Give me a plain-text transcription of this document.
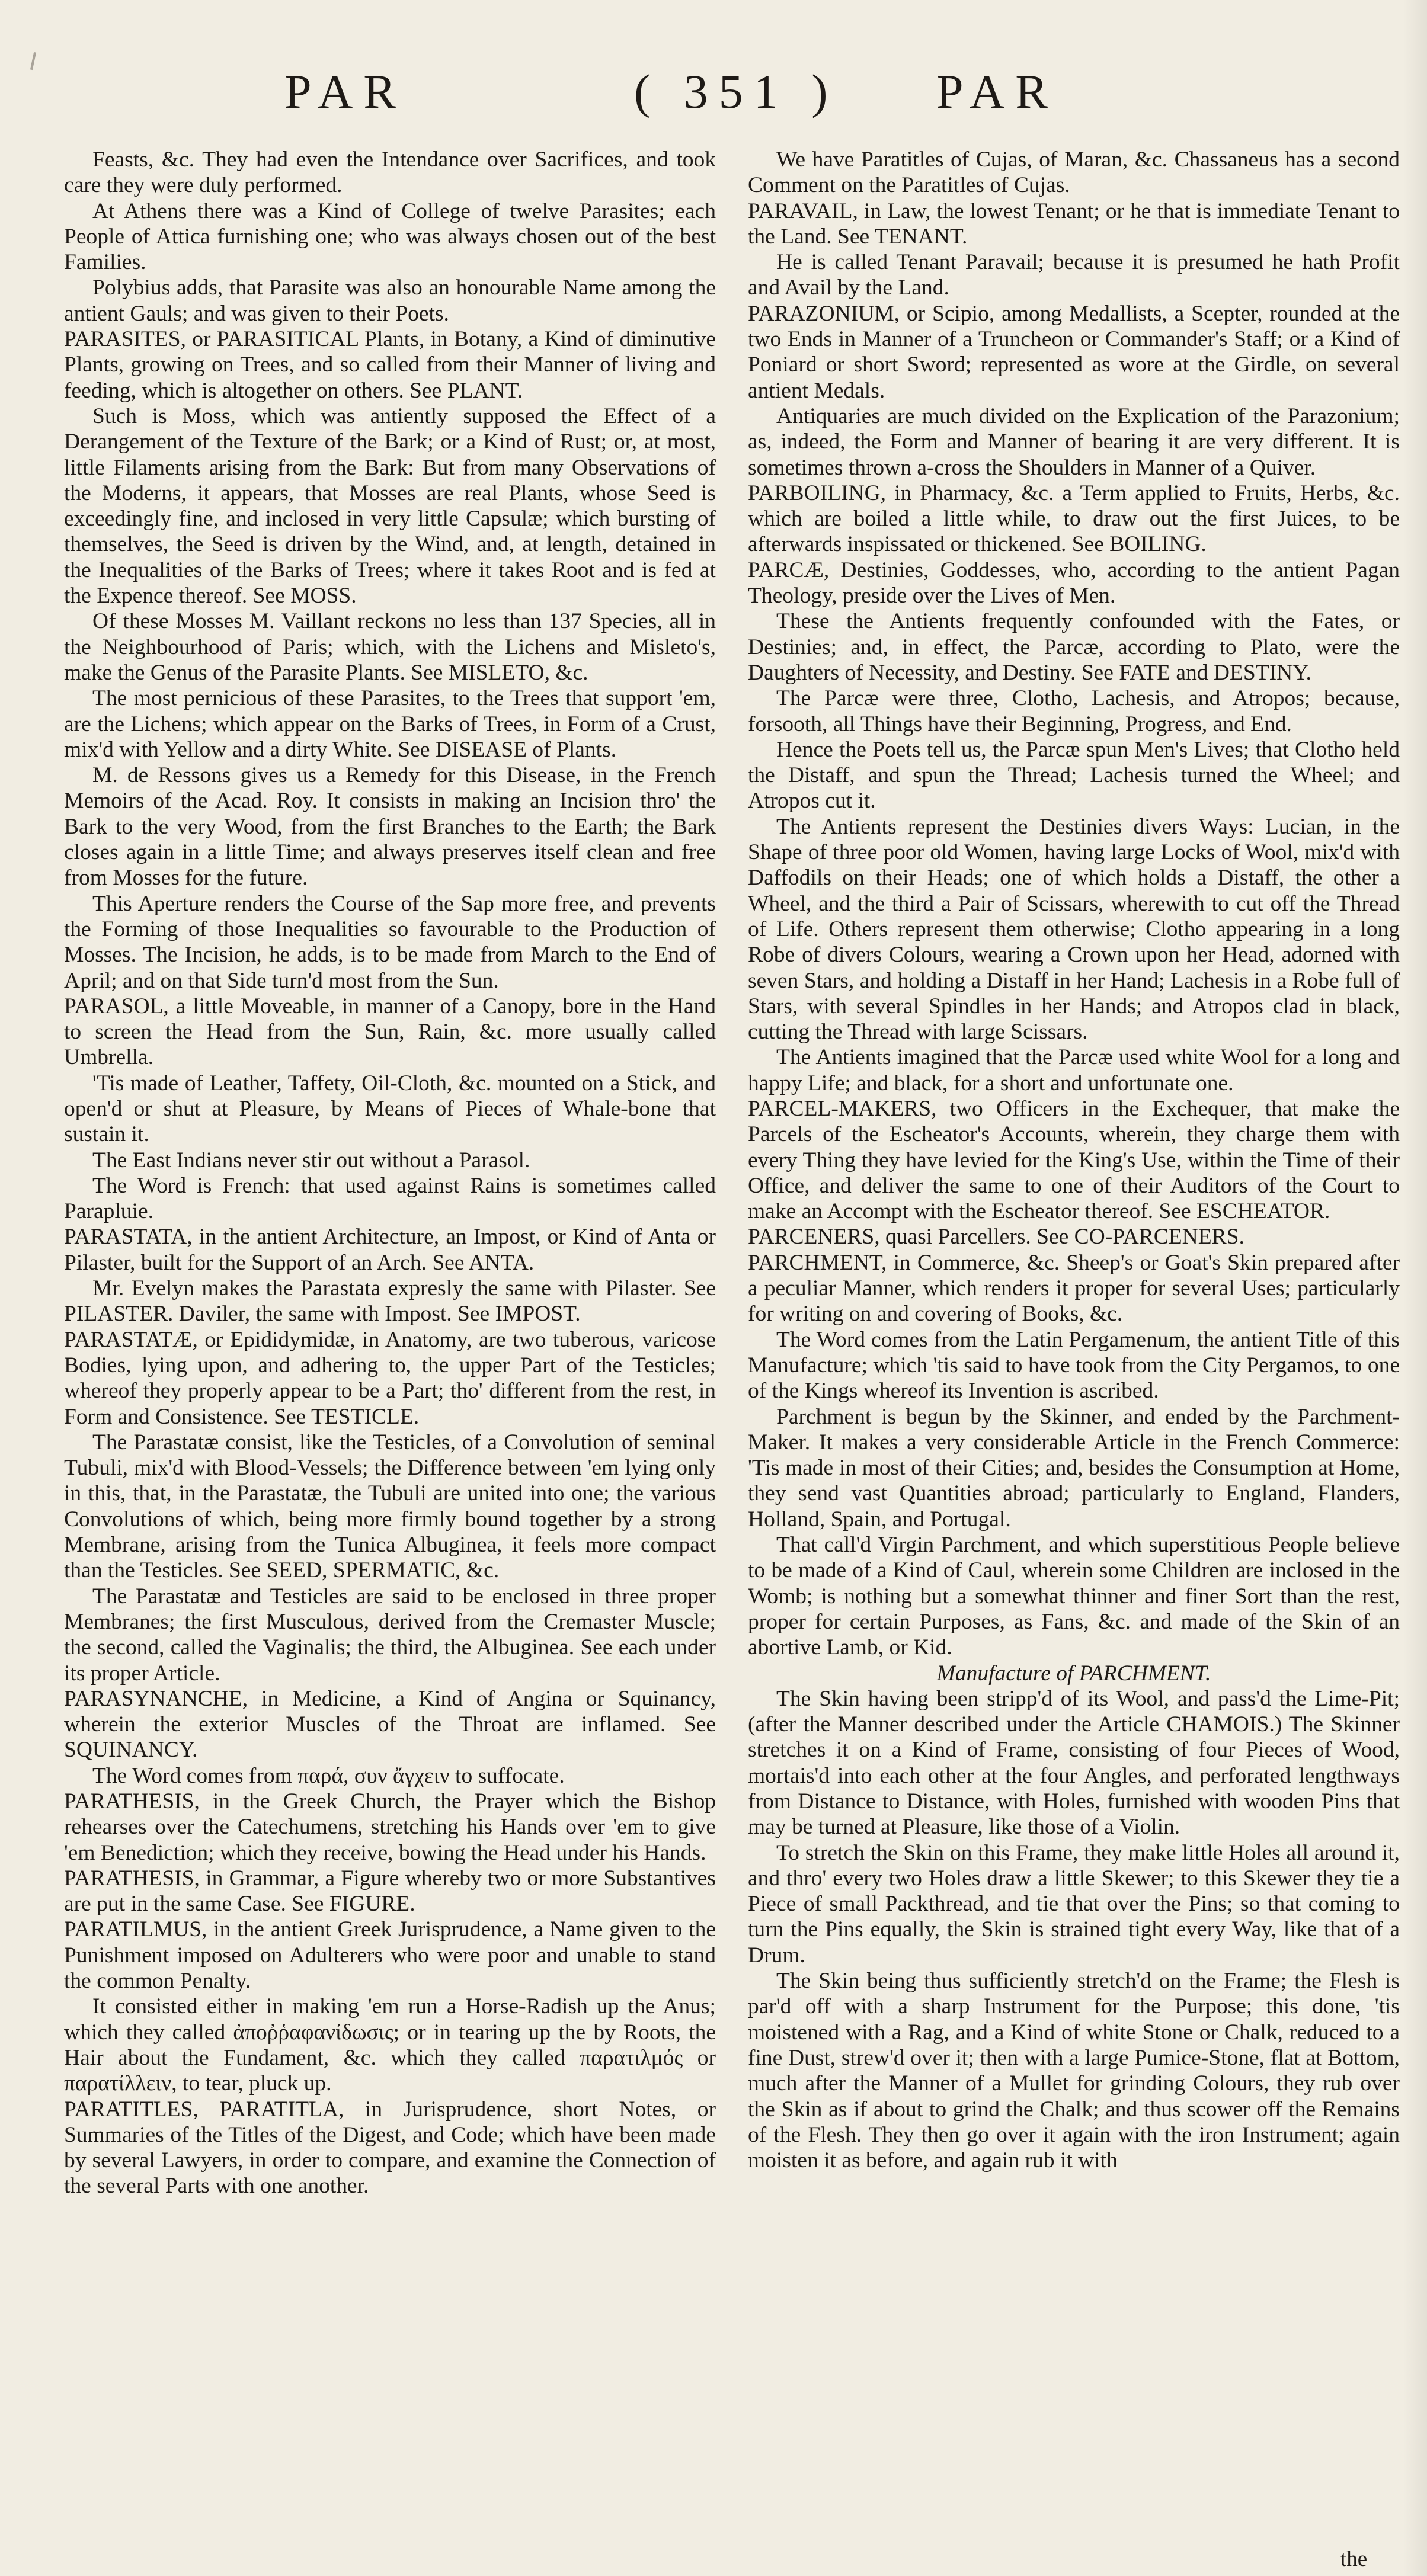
PAR	( 351 ) PAR

Feasts, &c. They had even the Intendance over Sacrifices, and took care they were duly performed.

At Athens there was a Kind of College of twelve Parasites; each People of Attica furnishing one; who was always chosen out of the best Families.

Polybius adds, that Parasite was also an honourable Name among the antient Gauls; and was given to their Poets.

PARASITES, or PARASITICAL Plants, in Botany, a Kind of diminutive Plants, growing on Trees, and so called from their Manner of living and feeding, which is altogether on others. See PLANT.

Such is Moss, which was antiently supposed the Effect of a Derangement of the Texture of the Bark; or a Kind of Rust; or, at most, little Filaments arising from the Bark: But from many Observations of the Moderns, it appears, that Mosses are real Plants, whose Seed is exceedingly fine, and inclosed in very little Capsulæ; which bursting of themselves, the Seed is driven by the Wind, and, at length, detained in the Inequalities of the Barks of Trees; where it takes Root and is fed at the Expence thereof. See MOSS.

Of these Mosses M. Vaillant reckons no less than 137 Species, all in the Neighbourhood of Paris; which, with the Lichens and Misleto's, make the Genus of the Parasite Plants. See MISLETO, &c.

The most pernicious of these Parasites, to the Trees that support 'em, are the Lichens; which appear on the Barks of Trees, in Form of a Crust, mix'd with Yellow and a dirty White. See DISEASE of Plants.

M. de Ressons gives us a Remedy for this Disease, in the French Memoirs of the Acad. Roy. It consists in making an Incision thro' the Bark to the very Wood, from the first Branches to the Earth; the Bark closes again in a little Time; and always preserves itself clean and free from Mosses for the future.

This Aperture renders the Course of the Sap more free, and prevents the Forming of those Inequalities so favourable to the Production of Mosses. The Incision, he adds, is to be made from March to the End of April; and on that Side turn'd most from the Sun.

PARASOL, a little Moveable, in manner of a Canopy, bore in the Hand to screen the Head from the Sun, Rain, &c. more usually called Umbrella.

'Tis made of Leather, Taffety, Oil-Cloth, &c. mounted on a Stick, and open'd or shut at Pleasure, by Means of Pieces of Whale-bone that sustain it.

The East Indians never stir out without a Parasol.

The Word is French: that used against Rains is sometimes called Parapluie.

PARASTATA, in the antient Architecture, an Impost, or Kind of Anta or Pilaster, built for the Support of an Arch. See ANTA.

Mr. Evelyn makes the Parastata expresly the same with Pilaster. See PILASTER. Daviler, the same with Impost. See IMPOST.

PARASTATÆ, or Epididymidæ, in Anatomy, are two tuberous, varicose Bodies, lying upon, and adhering to, the upper Part of the Testicles; whereof they properly appear to be a Part; tho' different from the rest, in Form and Consistence. See TESTICLE.

The Parastatæ consist, like the Testicles, of a Convolution of seminal Tubuli, mix'd with Blood-Vessels; the Difference between 'em lying only in this, that, in the Parastatæ, the Tubuli are united into one; the various Convolutions of which, being more firmly bound together by a strong Membrane, arising from the Tunica Albuginea, it feels more compact than the Testicles. See SEED, SPERMATIC, &c.

The Parastatæ and Testicles are said to be enclosed in three proper Membranes; the first Musculous, derived from the Cremaster Muscle; the second, called the Vaginalis; the third, the Albuginea. See each under its proper Article.

PARASYNANCHE, in Medicine, a Kind of Angina or Squinancy, wherein the exterior Muscles of the Throat are inflamed. See SQUINANCY.

The Word comes from παρά, συν ἄγχειν to suffocate.

PARATHESIS, in the Greek Church, the Prayer which the Bishop rehearses over the Catechumens, stretching his Hands over 'em to give 'em Benediction; which they receive, bowing the Head under his Hands.

PARATHESIS, in Grammar, a Figure whereby two or more Substantives are put in the same Case. See FIGURE.

PARATILMUS, in the antient Greek Jurisprudence, a Name given to the Punishment imposed on Adulterers who were poor and unable to stand the common Penalty.

It consisted either in making 'em run a Horse-Radish up the Anus; which they called ἀποῤῥαφανίδωσις; or in tearing up the by Roots, the Hair about the Fundament, &c. which they called παρατιλμός or παρατίλλειν, to tear, pluck up.

PARATITLES, PARATITLA, in Jurisprudence, short Notes, or Summaries of the Titles of the Digest, and Code; which have been made by several Lawyers, in order to compare, and examine the Connection of the several Parts with one another.

We have Paratitles of Cujas, of Maran, &c. Chassaneus has a second Comment on the Paratitles of Cujas.

PARAVAIL, in Law, the lowest Tenant; or he that is immediate Tenant to the Land. See TENANT.

He is called Tenant Paravail; because it is presumed he hath Profit and Avail by the Land.

PARAZONIUM, or Scipio, among Medallists, a Scepter, rounded at the two Ends in Manner of a Truncheon or Commander's Staff; or a Kind of Poniard or short Sword; represented as wore at the Girdle, on several antient Medals.

Antiquaries are much divided on the Explication of the Parazonium; as, indeed, the Form and Manner of bearing it are very different. It is sometimes thrown a-cross the Shoulders in Manner of a Quiver.

PARBOILING, in Pharmacy, &c. a Term applied to Fruits, Herbs, &c. which are boiled a little while, to draw out the first Juices, to be afterwards inspissated or thickened. See BOILING.

PARCÆ, Destinies, Goddesses, who, according to the antient Pagan Theology, preside over the Lives of Men.

These the Antients frequently confounded with the Fates, or Destinies; and, in effect, the Parcæ, according to Plato, were the Daughters of Necessity, and Destiny. See FATE and DESTINY.

The Parcæ were three, Clotho, Lachesis, and Atropos; because, forsooth, all Things have their Beginning, Progress, and End.

Hence the Poets tell us, the Parcæ spun Men's Lives; that Clotho held the Distaff, and spun the Thread; Lachesis turned the Wheel; and Atropos cut it.

The Antients represent the Destinies divers Ways: Lucian, in the Shape of three poor old Women, having large Locks of Wool, mix'd with Daffodils on their Heads; one of which holds a Distaff, the other a Wheel, and the third a Pair of Scissars, wherewith to cut off the Thread of Life. Others represent them otherwise; Clotho appearing in a long Robe of divers Colours, wearing a Crown upon her Head, adorned with seven Stars, and holding a Distaff in her Hand; Lachesis in a Robe full of Stars, with several Spindles in her Hands; and Atropos clad in black, cutting the Thread with large Scissars.

The Antients imagined that the Parcæ used white Wool for a long and happy Life; and black, for a short and unfortunate one.

PARCEL-MAKERS, two Officers in the Exchequer, that make the Parcels of the Escheator's Accounts, wherein, they charge them with every Thing they have levied for the King's Use, within the Time of their Office, and deliver the same to one of their Auditors of the Court to make an Accompt with the Escheator thereof. See ESCHEATOR.

PARCENERS, quasi Parcellers. See CO-PARCENERS.

PARCHMENT, in Commerce, &c. Sheep's or Goat's Skin prepared after a peculiar Manner, which renders it proper for several Uses; particularly for writing on and covering of Books, &c.

The Word comes from the Latin Pergamenum, the antient Title of this Manufacture; which 'tis said to have took from the City Pergamos, to one of the Kings whereof its Invention is ascribed.

Parchment is begun by the Skinner, and ended by the Parchment-Maker. It makes a very considerable Article in the French Commerce: 'Tis made in most of their Cities; and, besides the Consumption at Home, they send vast Quantities abroad; particularly to England, Flanders, Holland, Spain, and Portugal.

That call'd Virgin Parchment, and which superstitious People believe to be made of a Kind of Caul, wherein some Children are inclosed in the Womb; is nothing but a somewhat thinner and finer Sort than the rest, proper for certain Purposes, as Fans, &c. and made of the Skin of an abortive Lamb, or Kid.

Manufacture of PARCHMENT.

The Skin having been stripp'd of its Wool, and pass'd the Lime-Pit; (after the Manner described under the Article CHAMOIS.) The Skinner stretches it on a Kind of Frame, consisting of four Pieces of Wood, mortais'd into each other at the four Angles, and perforated lengthways from Distance to Distance, with Holes, furnished with wooden Pins that may be turned at Pleasure, like those of a Violin.

To stretch the Skin on this Frame, they make little Holes all around it, and thro' every two Holes draw a little Skewer; to this Skewer they tie a Piece of small Packthread, and tie that over the Pins; so that coming to turn the Pins equally, the Skin is strained tight every Way, like that of a Drum.

The Skin being thus sufficiently stretch'd on the Frame; the Flesh is par'd off with a sharp Instrument for the Purpose; this done, 'tis moistened with a Rag, and a Kind of white Stone or Chalk, reduced to a fine Dust, strew'd over it; then with a large Pumice-Stone, flat at Bottom, much after the Manner of a Mullet for grinding Colours, they rub over the Skin as if about to grind the Chalk; and thus scower off the Remains of the Flesh. They then go over it again with the iron Instrument; again moisten it as before, and again rub it with

the
